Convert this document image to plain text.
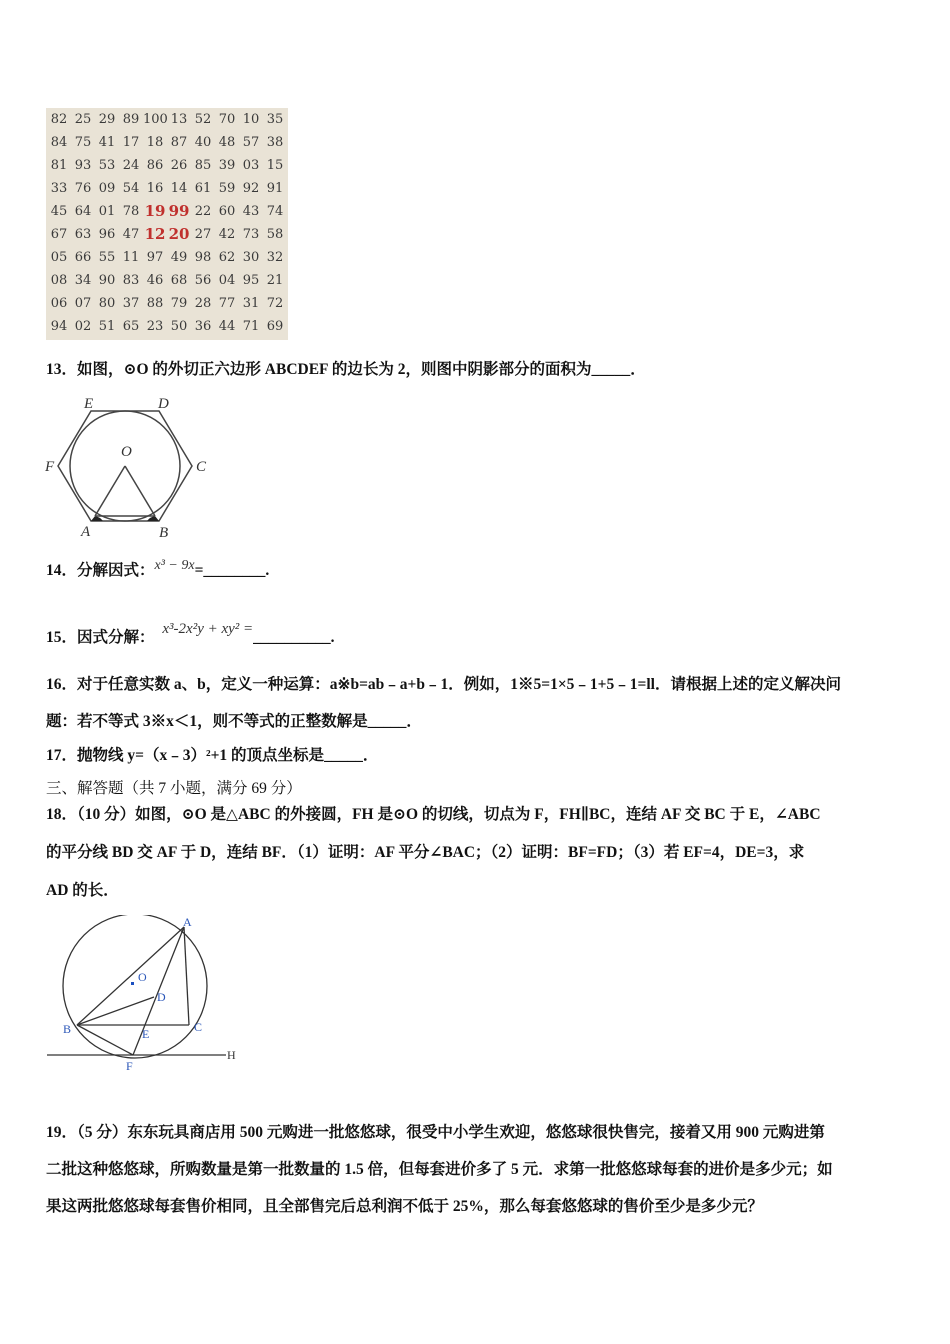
82 25 29 89 100 13 52 70 10 35
84 75 41 17 18 87 40 48 57 38
81 93 53 24 86 26 85 39 03 15
33 76 09 54 16 14 61 59 92 91
45 64 01 78 19 99 22 60 43 74
67 63 96 47 12 20 27 42 73 58
05 66 55 11 97 49 98 62 30 32
08 34 90 83 46 68 56 04 95 21
06 07 80 37 88 79 28 77 31 72
94 02 51 65 23 50 36 44 71 69
13．如图，⊙O 的外切正六边形 ABCDEF 的边长为 2，则图中阴影部分的面积为_____．
E	D
F	C
O
A	B
14．分解因式：x³ − 9x=________.
15．因式分解： x³-2x²y + xy² =__________.
16．对于任意实数 a、b，定义一种运算：a※b=ab﹣a+b﹣1．例如，1※5=1×5﹣1+5﹣1=ll．请根据上述的定义解决问
题：若不等式 3※x＜1，则不等式的正整数解是_____．
17．抛物线 y=（x﹣3）²+1 的顶点坐标是_____．
三、解答题（共 7 小题，满分 69 分）
18．（10 分）如图，⊙O 是△ABC 的外接圆，FH 是⊙O 的切线，切点为 F，FH∥BC，连结 AF 交 BC 于 E，∠ABC
的平分线 BD 交 AF 于 D，连结 BF．（1）证明：AF 平分∠BAC；（2）证明：BF=FD；（3）若 EF=4，DE=3，求
AD 的长．
A
O
D
B	C
E
F
H
19．（5 分）东东玩具商店用 500 元购进一批悠悠球，很受中小学生欢迎，悠悠球很快售完，接着又用 900 元购进第
二批这种悠悠球，所购数量是第一批数量的 1.5 倍，但每套进价多了 5 元．求第一批悠悠球每套的进价是多少元；如
果这两批悠悠球每套售价相同，且全部售完后总利润不低于 25%，那么每套悠悠球的售价至少是多少元？
